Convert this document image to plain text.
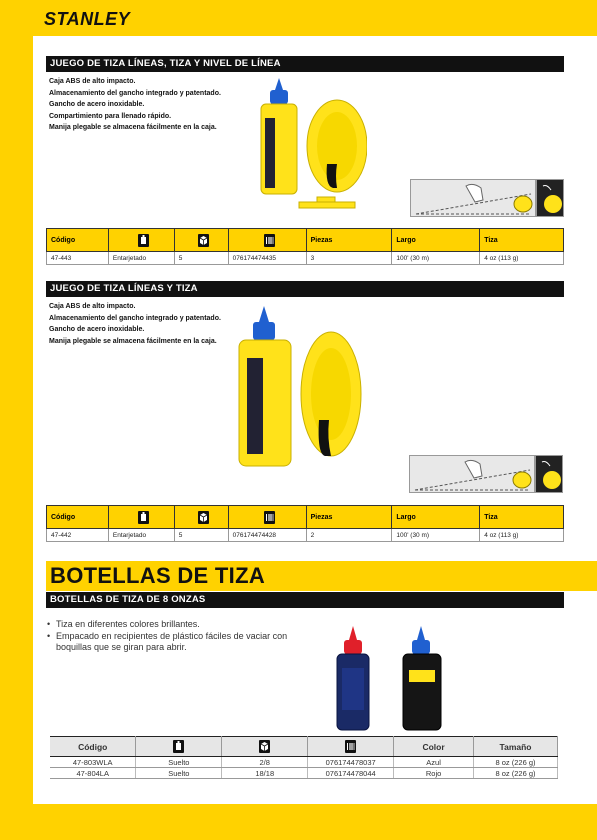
STANLEY
JUEGO DE TIZA LÍNEAS, TIZA Y NIVEL DE LÍNEA
Caja ABS de alto impacto.
Almacenamiento del gancho integrado y patentado.
Gancho de acero inoxidable.
Compartimiento para llenado rápido.
Manija plegable se almacena fácilmente en la caja.
Código				Piezas	Largo	Tiza
47-443	Entarjetado	5	076174474435	3	100' (30 m)	4 oz (113 g)
JUEGO DE TIZA LÍNEAS Y TIZA
Caja ABS de alto impacto.
Almacenamiento del gancho integrado y patentado.
Gancho de acero inoxidable.
Manija plegable se almacena fácilmente en la caja.
Código				Piezas	Largo	Tiza
47-442	Entarjetado	5	076174474428	2	100' (30 m)	4 oz (113 g)
BOTELLAS DE TIZA
BOTELLAS DE TIZA DE 8 ONZAS
• Tiza en diferentes colores brillantes.
• Empacado en recipientes de plástico fáciles de vaciar con boquillas que se giran para abrir.
Código				Color	Tamaño
47-803WLA	Suelto	2/8	076174478037	Azul	8 oz (226 g)
47-804LA	Suelto	18/18	076174478044	Rojo	8 oz (226 g)
